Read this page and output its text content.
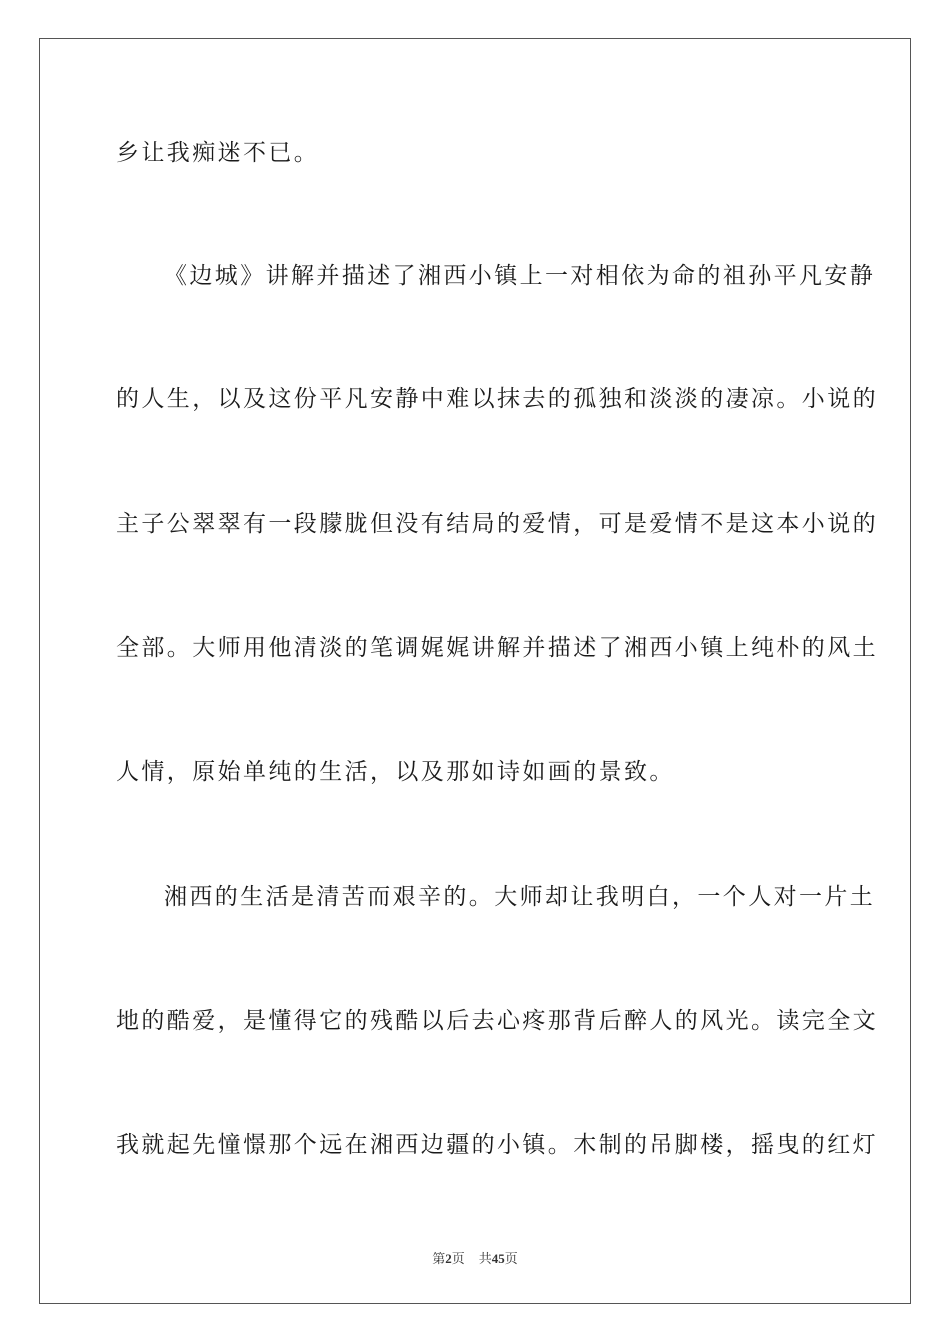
乡让我痴迷不已。
《边城》讲解并描述了湘西小镇上一对相依为命的祖孙平凡安静
的人生，以及这份平凡安静中难以抹去的孤独和淡淡的凄凉。小说的
主子公翠翠有一段朦胧但没有结局的爱情，可是爱情不是这本小说的
全部。大师用他清淡的笔调娓娓讲解并描述了湘西小镇上纯朴的风土
人情，原始单纯的生活，以及那如诗如画的景致。
湘西的生活是清苦而艰辛的。大师却让我明白，一个人对一片土
地的酷爱，是懂得它的残酷以后去心疼那背后醉人的风光。读完全文
我就起先憧憬那个远在湘西边疆的小镇。木制的吊脚楼，摇曳的红灯
第2页 共45页
